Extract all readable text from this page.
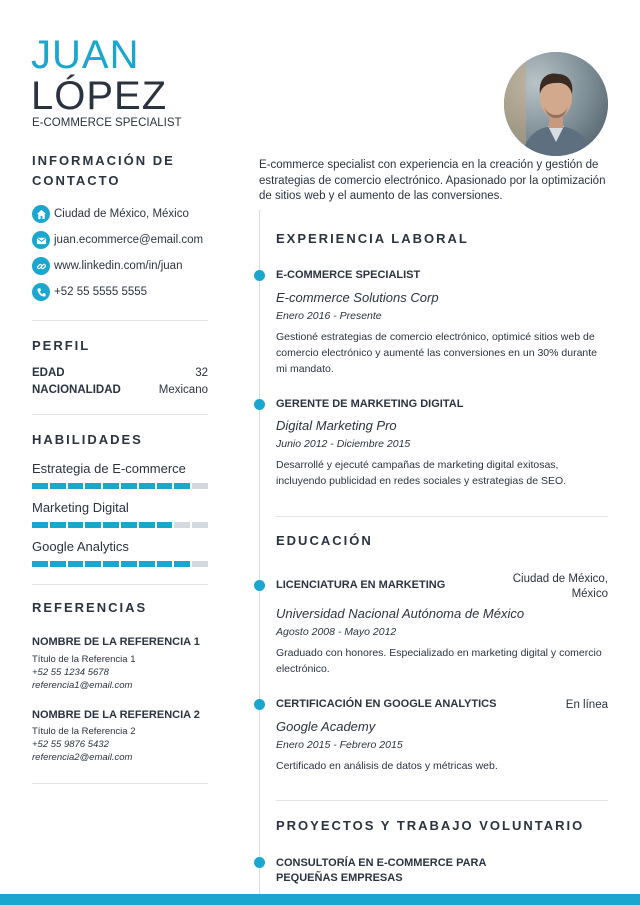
JUAN
LÓPEZ
E-COMMERCE SPECIALIST
INFORMACIÓN DE CONTACTO
Ciudad de México, México
juan.ecommerce@email.com
www.linkedin.com/in/juan
+52 55 5555 5555
PERFIL
EDAD	32
NACIONALIDAD	Mexicano
HABILIDADES
Estrategia de E-commerce
Marketing Digital
Google Analytics
REFERENCIAS
NOMBRE DE LA REFERENCIA 1
Título de la Referencia 1
+52 55 1234 5678
referencia1@email.com
NOMBRE DE LA REFERENCIA 2
Título de la Referencia 2
+52 55 9876 5432
referencia2@email.com
E-commerce specialist con experiencia en la creación y gestión de estrategias de comercio electrónico. Apasionado por la optimización de sitios web y el aumento de las conversiones.
EXPERIENCIA LABORAL
E-COMMERCE SPECIALIST
E-commerce Solutions Corp
Enero 2016 - Presente
Gestioné estrategias de comercio electrónico, optimicé sitios web de comercio electrónico y aumenté las conversiones en un 30% durante mi mandato.
GERENTE DE MARKETING DIGITAL
Digital Marketing Pro
Junio 2012 - Diciembre 2015
Desarrollé y ejecuté campañas de marketing digital exitosas, incluyendo publicidad en redes sociales y estrategias de SEO.
EDUCACIÓN
LICENCIATURA EN MARKETING	Ciudad de México,
México
Universidad Nacional Autónoma de México
Agosto 2008 - Mayo 2012
Graduado con honores. Especializado en marketing digital y comercio electrónico.
CERTIFICACIÓN EN GOOGLE ANALYTICS	En línea
Google Academy
Enero 2015 - Febrero 2015
Certificado en análisis de datos y métricas web.
PROYECTOS Y TRABAJO VOLUNTARIO
CONSULTORÍA EN E-COMMERCE PARA
PEQUEÑAS EMPRESAS
